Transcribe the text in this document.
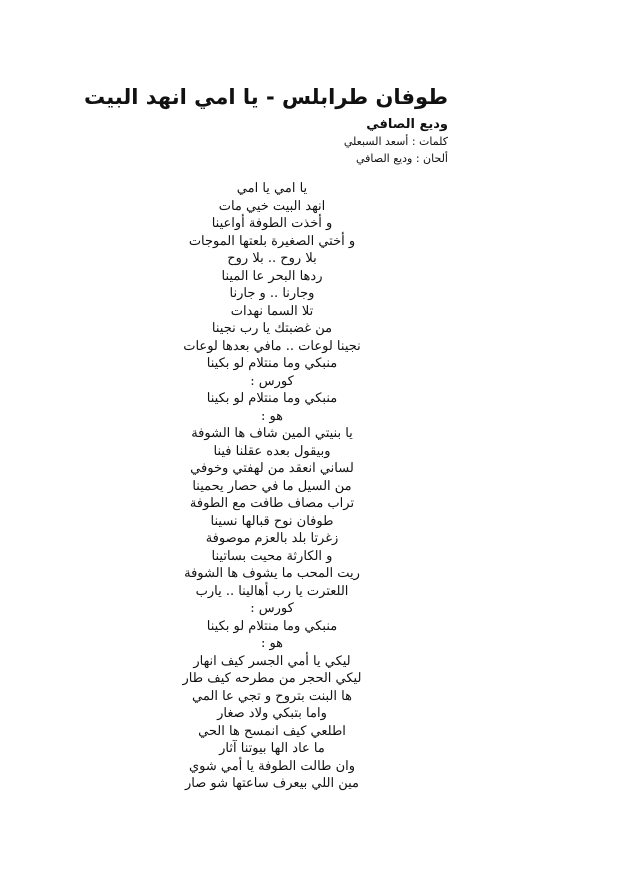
طوفان طرابلس - يا امي انهد البيت
وديع الصافي
كلمات : أسعد السبعلي
ألحان : وديع الصافي
يا امي يا امي
انهد البيت خيي مات
و أخذت الطوفة أواعينا
و أختي الصغيرة بلعتها الموجات
بلا روح .. بلا روح
ردها البحر عا المينا
وجارنا .. و جارنا
تلا السما نهدات
من غضبتك يا رب نجينا
نجينا لوعات .. مافي بعدها لوعات
منبكي وما منتلام لو بكينا
كورس :
منبكي وما منتلام لو بكينا
هو :
يا بنيتي المين شاف ها الشوفة
وبيقول بعده عقلنا فينا
لساني انعقد من لهفتي وخوفي
من السيل ما في حصار يحمينا
تراب مصاف طافت مع الطوفة
طوفان نوح قبالها نسينا
زغرتا بلد بالعزم موصوفة
و الكارثة محيت بساتينا
ريت المحب ما يشوف ها الشوفة
اللعترت يا رب أهالينا .. يارب
كورس :
منبكي وما منتلام لو بكينا
هو :
ليكي يا أمي الجسر كيف انهار
ليكي الحجر من مطرحه كيف طار
ها البنت بتروح و تجي عا المي
واما بتبكي ولاد صغار
اطلعي كيف انمسح ها الحي
ما عاد الها بيوتنا آثار
وان طالت الطوفة يا أمي شوي
مين اللي بيعرف ساعتها شو صار
